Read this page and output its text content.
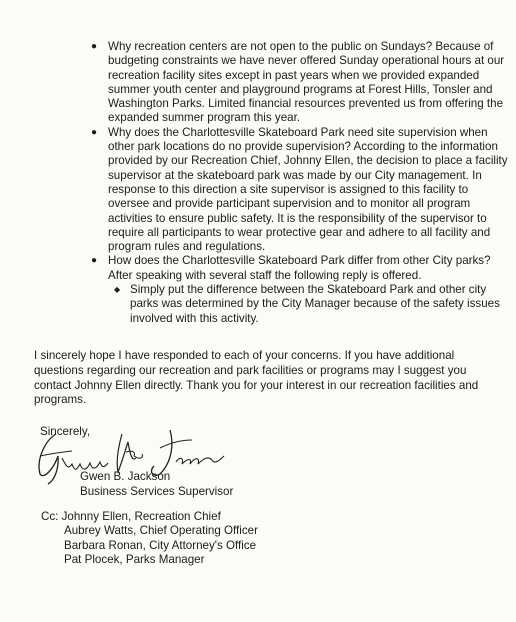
● Why recreation centers are not open to the public on Sundays? Because of budgeting constraints we have never offered Sunday operational hours at our recreation facility sites except in past years when we provided expanded summer youth center and playground programs at Forest Hills, Tonsler and Washington Parks. Limited financial resources prevented us from offering the expanded summer program this year.
● Why does the Charlottesville Skateboard Park need site supervision when other park locations do no provide supervision? According to the information provided by our Recreation Chief, Johnny Ellen, the decision to place a facility supervisor at the skateboard park was made by our City management. In response to this direction a site supervisor is assigned to this facility to oversee and provide participant supervision and to monitor all program activities to ensure public safety. It is the responsibility of the supervisor to require all participants to wear protective gear and adhere to all facility and program rules and regulations.
● How does the Charlottesville Skateboard Park differ from other City parks? After speaking with several staff the following reply is offered.
◆ Simply put the difference between the Skateboard Park and other city parks was determined by the City Manager because of the safety issues involved with this activity.

I sincerely hope I have responded to each of your concerns. If you have additional questions regarding our recreation and park facilities or programs may I suggest you contact Johnny Ellen directly. Thank you for your interest in our recreation facilities and programs.

Sincerely,
Gwen B. Jackson
Business Services Supervisor
Cc: Johnny Ellen, Recreation Chief
Aubrey Watts, Chief Operating Officer
Barbara Ronan, City Attorney's Office
Pat Plocek, Parks Manager
